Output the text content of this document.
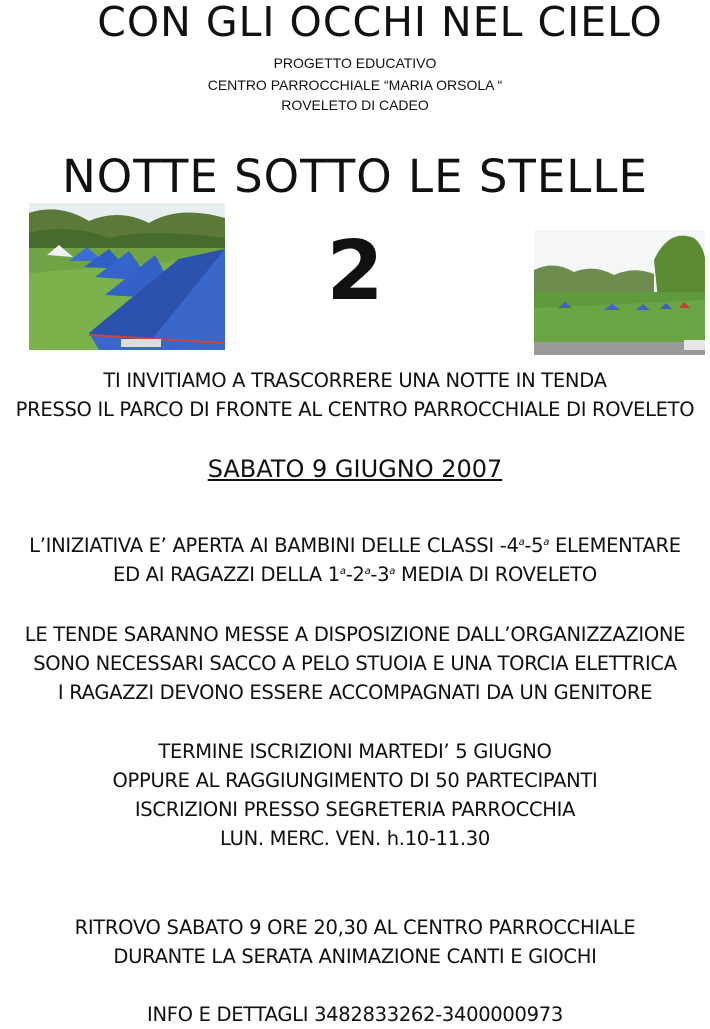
CON GLI OCCHI NEL CIELO
PROGETTO EDUCATIVO
CENTRO PARROCCHIALE “MARIA ORSOLA “
ROVELETO DI CADEO
NOTTE SOTTO LE STELLE
2
TI INVITIAMO A TRASCORRERE UNA NOTTE IN TENDA
PRESSO IL PARCO DI FRONTE AL CENTRO PARROCCHIALE DI ROVELETO
SABATO 9 GIUGNO 2007
L’INIZIATIVA E’ APERTA AI BAMBINI DELLE CLASSI -4$^a$-5$^a$ ELEMENTARE
ED AI RAGAZZI DELLA 1$^a$-2$^a$-3$^a$ MEDIA DI ROVELETO
LE TENDE SARANNO MESSE A DISPOSIZIONE DALL’ORGANIZZAZIONE
SONO NECESSARI SACCO A PELO STUOIA E UNA TORCIA ELETTRICA
I RAGAZZI DEVONO ESSERE ACCOMPAGNATI DA UN GENITORE
TERMINE ISCRIZIONI MARTEDI’ 5 GIUGNO
OPPURE AL RAGGIUNGIMENTO DI 50 PARTECIPANTI
ISCRIZIONI PRESSO SEGRETERIA PARROCCHIA
LUN. MERC. VEN. h.10-11.30
RITROVO SABATO 9 ORE 20,30 AL CENTRO PARROCCHIALE
DURANTE LA SERATA ANIMAZIONE CANTI E GIOCHI
INFO E DETTAGLI 3482833262-3400000973
